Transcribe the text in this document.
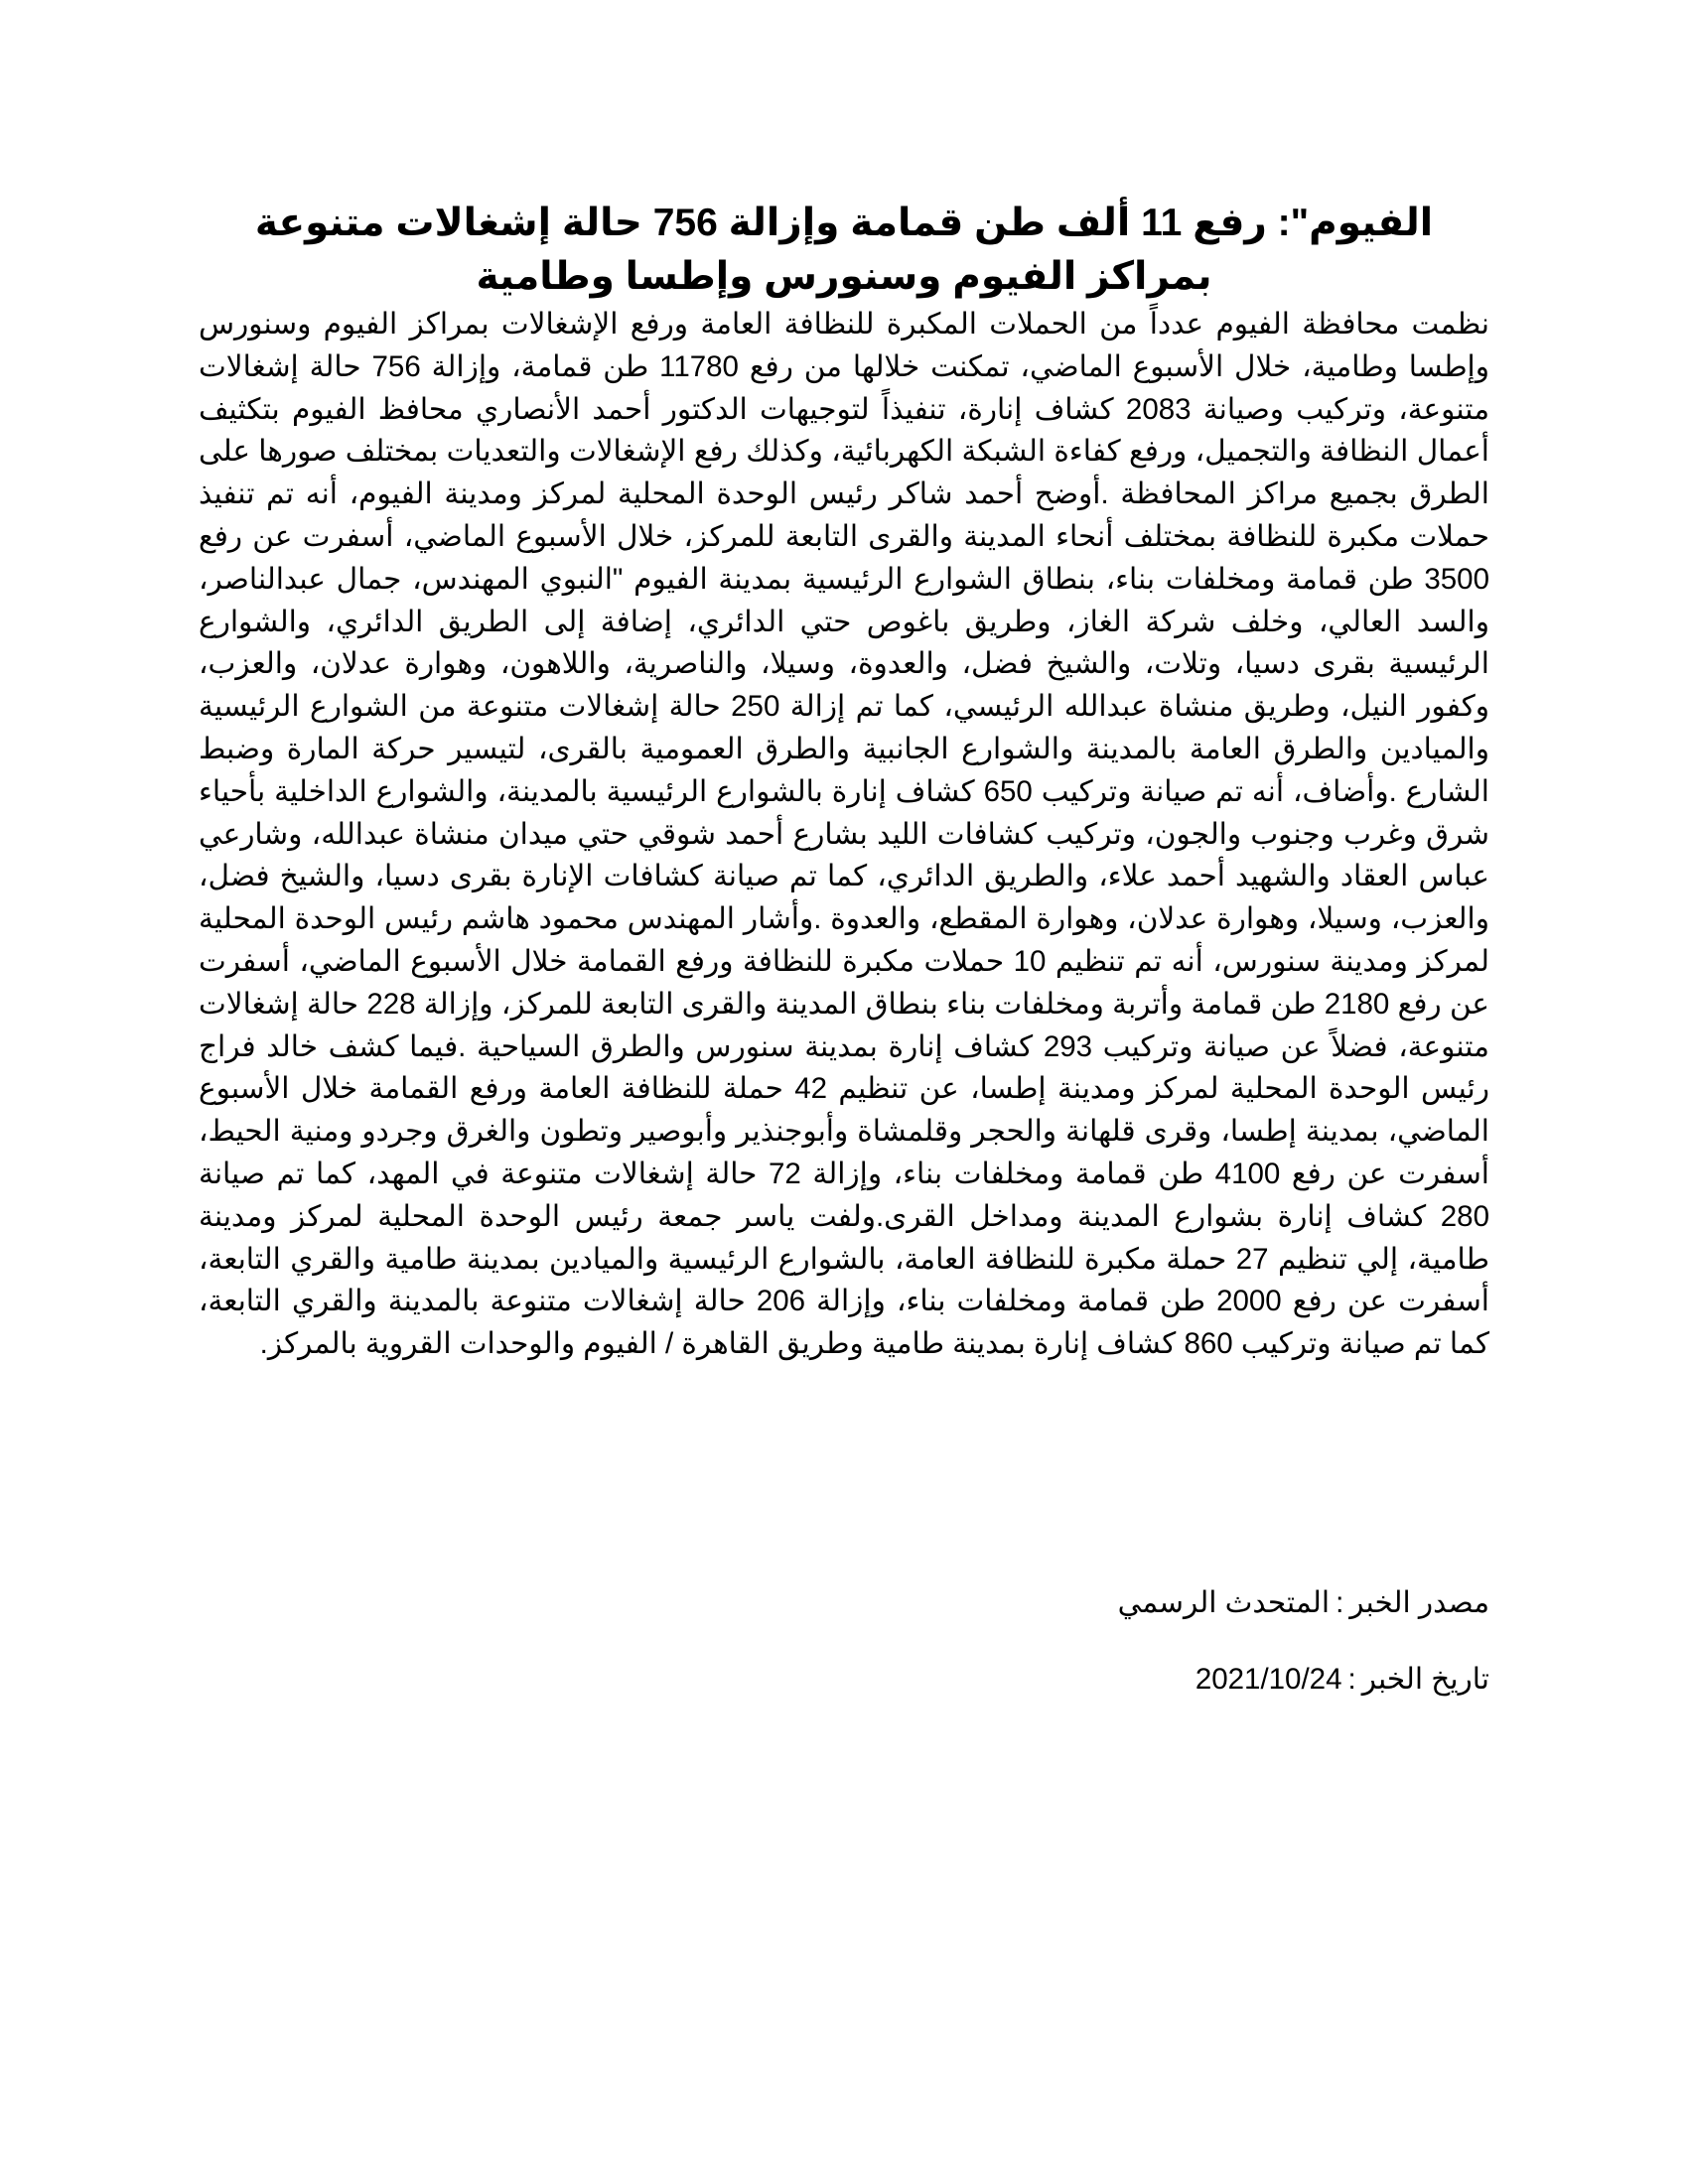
الفيوم": رفع 11 ألف طن قمامة وإزالة 756 حالة إشغالات متنوعة بمراكز الفيوم وسنورس وإطسا وطامية

نظمت محافظة الفيوم عدداً من الحملات المكبرة للنظافة العامة ورفع الإشغالات بمراكز الفيوم وسنورس وإطسا وطامية، خلال الأسبوع الماضي، تمكنت خلالها من رفع 11780 طن قمامة، وإزالة 756 حالة إشغالات متنوعة، وتركيب وصيانة 2083 كشاف إنارة، تنفيذاً لتوجيهات الدكتور أحمد الأنصاري محافظ الفيوم بتكثيف أعمال النظافة والتجميل، ورفع كفاءة الشبكة الكهربائية، وكذلك رفع الإشغالات والتعديات بمختلف صورها على الطرق بجميع مراكز المحافظة .أوضح أحمد شاكر رئيس الوحدة المحلية لمركز ومدينة الفيوم، أنه تم تنفيذ حملات مكبرة للنظافة بمختلف أنحاء المدينة والقرى التابعة للمركز، خلال الأسبوع الماضي، أسفرت عن رفع 3500 طن قمامة ومخلفات بناء، بنطاق الشوارع الرئيسية بمدينة الفيوم "النبوي المهندس، جمال عبدالناصر، والسد العالي، وخلف شركة الغاز، وطريق باغوص حتي الدائري، إضافة إلى الطريق الدائري، والشوارع الرئيسية بقرى دسيا، وتلات، والشيخ فضل، والعدوة، وسيلا، والناصرية، واللاهون، وهوارة عدلان، والعزب، وكفور النيل، وطريق منشاة عبدالله الرئيسي، كما تم إزالة 250 حالة إشغالات متنوعة من الشوارع الرئيسية والميادين والطرق العامة بالمدينة والشوارع الجانبية والطرق العمومية بالقرى، لتيسير حركة المارة وضبط الشارع .وأضاف، أنه تم صيانة وتركيب 650 كشاف إنارة بالشوارع الرئيسية بالمدينة، والشوارع الداخلية بأحياء شرق وغرب وجنوب والجون، وتركيب كشافات الليد بشارع أحمد شوقي حتي ميدان منشاة عبدالله، وشارعي عباس العقاد والشهيد أحمد علاء، والطريق الدائري، كما تم صيانة كشافات الإنارة بقرى دسيا، والشيخ فضل، والعزب، وسيلا، وهوارة عدلان، وهوارة المقطع، والعدوة .وأشار المهندس محمود هاشم رئيس الوحدة المحلية لمركز ومدينة سنورس، أنه تم تنظيم 10 حملات مكبرة للنظافة ورفع القمامة خلال الأسبوع الماضي، أسفرت عن رفع 2180 طن قمامة وأتربة ومخلفات بناء بنطاق المدينة والقرى التابعة للمركز، وإزالة 228 حالة إشغالات متنوعة، فضلاً عن صيانة وتركيب 293 كشاف إنارة بمدينة سنورس والطرق السياحية .فيما كشف خالد فراج رئيس الوحدة المحلية لمركز ومدينة إطسا، عن تنظيم 42 حملة للنظافة العامة ورفع القمامة خلال الأسبوع الماضي، بمدينة إطسا، وقرى قلهانة والحجر وقلمشاة وأبوجنذير وأبوصير وتطون والغرق وجردو ومنية الحيط، أسفرت عن رفع 4100 طن قمامة ومخلفات بناء، وإزالة 72 حالة إشغالات متنوعة في المهد، كما تم صيانة 280 كشاف إنارة بشوارع المدينة ومداخل القرى.ولفت ياسر جمعة رئيس الوحدة المحلية لمركز ومدينة طامية، إلي تنظيم 27 حملة مكبرة للنظافة العامة، بالشوارع الرئيسية والميادين بمدينة طامية والقري التابعة، أسفرت عن رفع 2000 طن قمامة ومخلفات بناء، وإزالة 206 حالة إشغالات متنوعة بالمدينة والقري التابعة، كما تم صيانة وتركيب 860 كشاف إنارة بمدينة طامية وطريق القاهرة / الفيوم والوحدات القروية بالمركز.

مصدر الخبر:المتحدث الرسمي
تاريخ الخبر:2021/10/24
